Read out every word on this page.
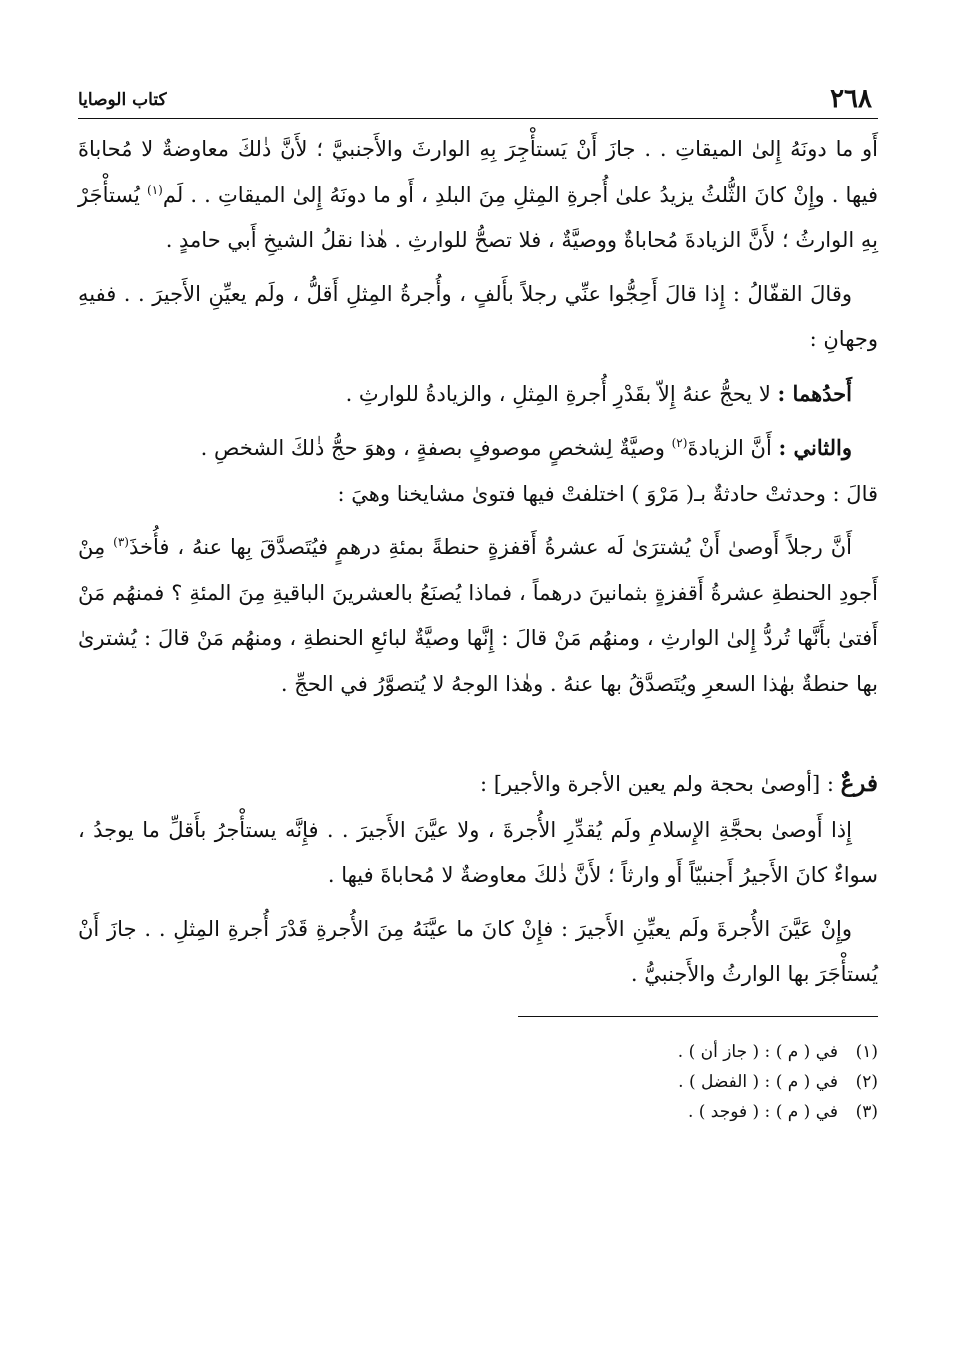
٢٦٨
كتاب الوصايا

أَو ما دونَهُ إِلىٰ الميقاتِ . . جازَ أَنْ يَستأْجِرَ بِهِ الوارثَ والأَجنبيَّ ؛ لأَنَّ ذٰلكَ معاوضةٌ لا مُحاباةَ فيها . وإِنْ كانَ الثُّلثُ يزيدُ علىٰ أُجرةِ المِثلِ مِنَ البلدِ ، أَو ما دونَهُ إِلىٰ الميقاتِ . . لَم$^{(١)}$ يُستأْجَرْ بِهِ الوارثُ ؛ لأَنَّ الزيادةَ مُحاباةٌ ووصيَّةٌ ، فلا تصحُّ للوارثِ . هٰذا نقلُ الشيخِ أَبي حامدٍ .

وقالَ القفّالُ : إِذا قالَ أَحِجُّوا عنِّي رجلاً بأَلفٍ ، وأُجرةُ المِثلِ أَقلُّ ، ولَم يعيِّنِ الأَجيرَ . . ففيهِ وجهانِ :

أَحدُهما : لا يحجُّ عنهُ إِلاّ بقَدْرِ أُجرةِ المِثلِ ، والزيادةُ للوارثِ .

والثاني : أَنَّ الزيادةَ$^{(٢)}$ وصيَّةٌ لِشخصٍ موصوفٍ بصفةٍ ، وهوَ حجُّ ذٰلكَ الشخصِ .

قالَ : وحدثتْ حادثةٌ بـ( مَرْوَ ) اختلفتْ فيها فتوىٰ مشايخنا وهيَ :

أَنَّ رجلاً أَوصىٰ أَنْ يُشترَىٰ لَه عشرةُ أَقفزةٍ حنطةً بمئةِ درهمٍ فيُتَصدَّقَ بِها عنهُ ، فأُخذَ$^{(٣)}$ مِنْ أَجودِ الحنطةِ عشرةُ أَقفزةٍ بثمانينَ درهماً ، فماذا يُصنَعُ بالعشرينَ الباقيةِ مِنَ المئةِ ؟ فمنهُم مَنْ أَفتىٰ بأَنَّها تُردُّ إِلىٰ الوارثِ ، ومنهُم مَنْ قالَ : إِنَّها وصيَّةٌ لبائعِ الحنطةِ ، ومنهُم مَنْ قالَ : يُشترىٰ بها حنطةٌ بهٰذا السعرِ ويُتَصدَّقُ بها عنهُ . وهٰذا الوجهُ لا يُتصوَّرُ في الحجِّ .

فرعٌ : [أوصىٰ بحجة ولم يعين الأجرة والأجير] :

إِذا أَوصىٰ بحجَّةِ الإِسلامِ ولَم يُقدِّرِ الأُجرةَ ، ولا عيَّنَ الأَجيرَ . . فإِنَّه يستأْجرُ بأَقلِّ ما يوجدُ ، سواءٌ كانَ الأَجيرُ أَجنبيّاً أَو وارثاً ؛ لأَنَّ ذٰلكَ معاوضةٌ لا مُحاباةَ فيها .

وإِنْ عَيَّنَ الأُجرةَ ولَم يعيِّنِ الأَجيرَ : فإِنْ كانَ ما عيَّنَهُ مِنَ الأُجرةِ قَدْرَ أُجرةِ المِثلِ . . جازَ أَنْ يُستأْجَرَ بها الوارثُ والأَجنبيُّ .

(١)في ( م ) : ( جاز أن ) .
(٢)في ( م ) : ( الفضل ) .
(٣)في ( م ) : ( فوجد ) .
